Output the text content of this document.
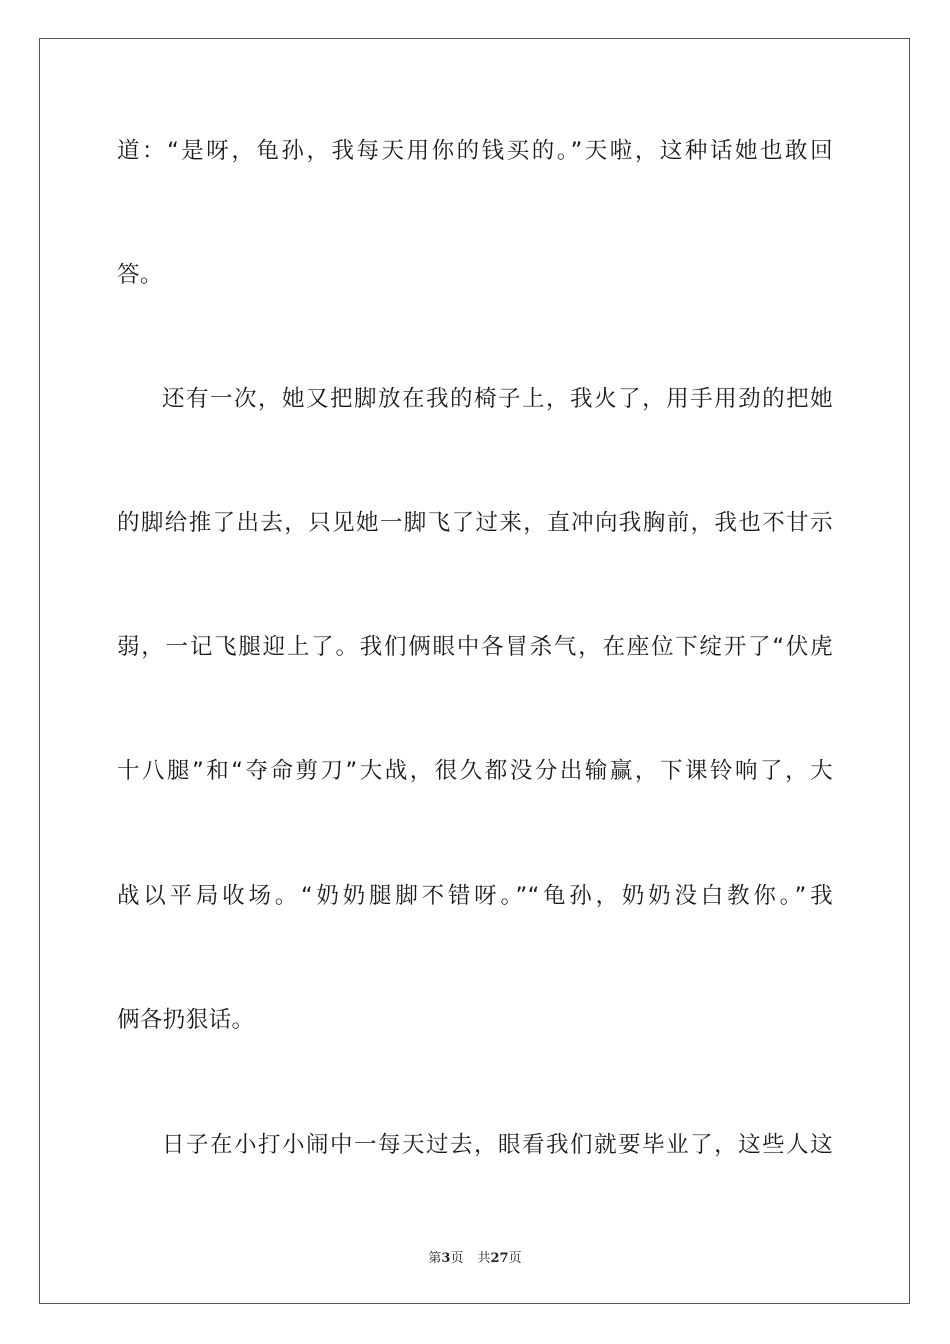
道：“是呀，龟孙，我每天用你的钱买的。”天啦，这种话她也敢回
答。
还有一次，她又把脚放在我的椅子上，我火了，用手用劲的把她
的脚给推了出去，只见她一脚飞了过来，直冲向我胸前，我也不甘示
弱，一记飞腿迎上了。我们俩眼中各冒杀气，在座位下绽开了“伏虎
十八腿”和“夺命剪刀”大战，很久都没分出输赢，下课铃响了，大
战以平局收场。“奶奶腿脚不错呀。”“龟孙，奶奶没白教你。”我
俩各扔狠话。
日子在小打小闹中一每天过去，眼看我们就要毕业了，这些人这
第3页 共27页
